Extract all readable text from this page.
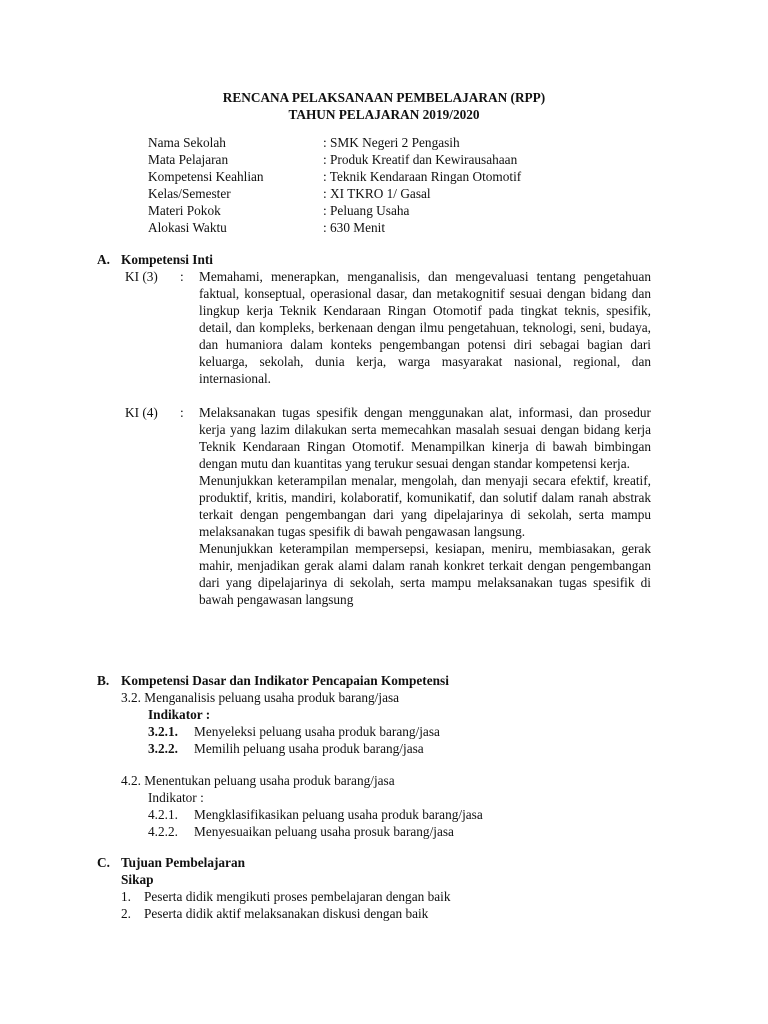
RENCANA PELAKSANAAN PEMBELAJARAN (RPP)
TAHUN PELAJARAN 2019/2020
Nama Sekolah	: SMK Negeri 2 Pengasih
Mata Pelajaran	: Produk Kreatif dan Kewirausahaan
Kompetensi Keahlian	: Teknik Kendaraan Ringan Otomotif
Kelas/Semester	: XI TKRO 1/ Gasal
Materi Pokok	: Peluang Usaha
Alokasi Waktu	: 630 Menit
A. Kompetensi Inti
KI (3) : Memahami, menerapkan, menganalisis, dan mengevaluasi tentang pengetahuan faktual, konseptual, operasional dasar, dan metakognitif sesuai dengan bidang dan lingkup kerja Teknik Kendaraan Ringan Otomotif pada tingkat teknis, spesifik, detail, dan kompleks, berkenaan dengan ilmu pengetahuan, teknologi, seni, budaya, dan humaniora dalam konteks pengembangan potensi diri sebagai bagian dari keluarga, sekolah, dunia kerja, warga masyarakat nasional, regional, dan internasional.

KI (4) : Melaksanakan tugas spesifik dengan menggunakan alat, informasi, dan prosedur kerja yang lazim dilakukan serta memecahkan masalah sesuai dengan bidang kerja Teknik Kendaraan Ringan Otomotif. Menampilkan kinerja di bawah bimbingan dengan mutu dan kuantitas yang terukur sesuai dengan standar kompetensi kerja.

Menunjukkan keterampilan menalar, mengolah, dan menyaji secara efektif, kreatif, produktif, kritis, mandiri, kolaboratif, komunikatif, dan solutif dalam ranah abstrak terkait dengan pengembangan dari yang dipelajarinya di sekolah, serta mampu melaksanakan tugas spesifik di bawah pengawasan langsung.

Menunjukkan keterampilan mempersepsi, kesiapan, meniru, membiasakan, gerak mahir, menjadikan gerak alami dalam ranah konkret terkait dengan pengembangan dari yang dipelajarinya di sekolah, serta mampu melaksanakan tugas spesifik di bawah pengawasan langsung

B. Kompetensi Dasar dan Indikator Pencapaian Kompetensi
3.2. Menganalisis peluang usaha produk barang/jasa
Indikator :
3.2.1. Menyeleksi peluang usaha produk barang/jasa
3.2.2. Memilih peluang usaha produk barang/jasa
4.2. Menentukan peluang usaha produk barang/jasa
Indikator :
4.2.1. Mengklasifikasikan peluang usaha produk barang/jasa
4.2.2. Menyesuaikan peluang usaha prosuk barang/jasa
C. Tujuan Pembelajaran
Sikap
1. Peserta didik mengikuti proses pembelajaran dengan baik
2. Peserta didik aktif melaksanakan diskusi dengan baik
